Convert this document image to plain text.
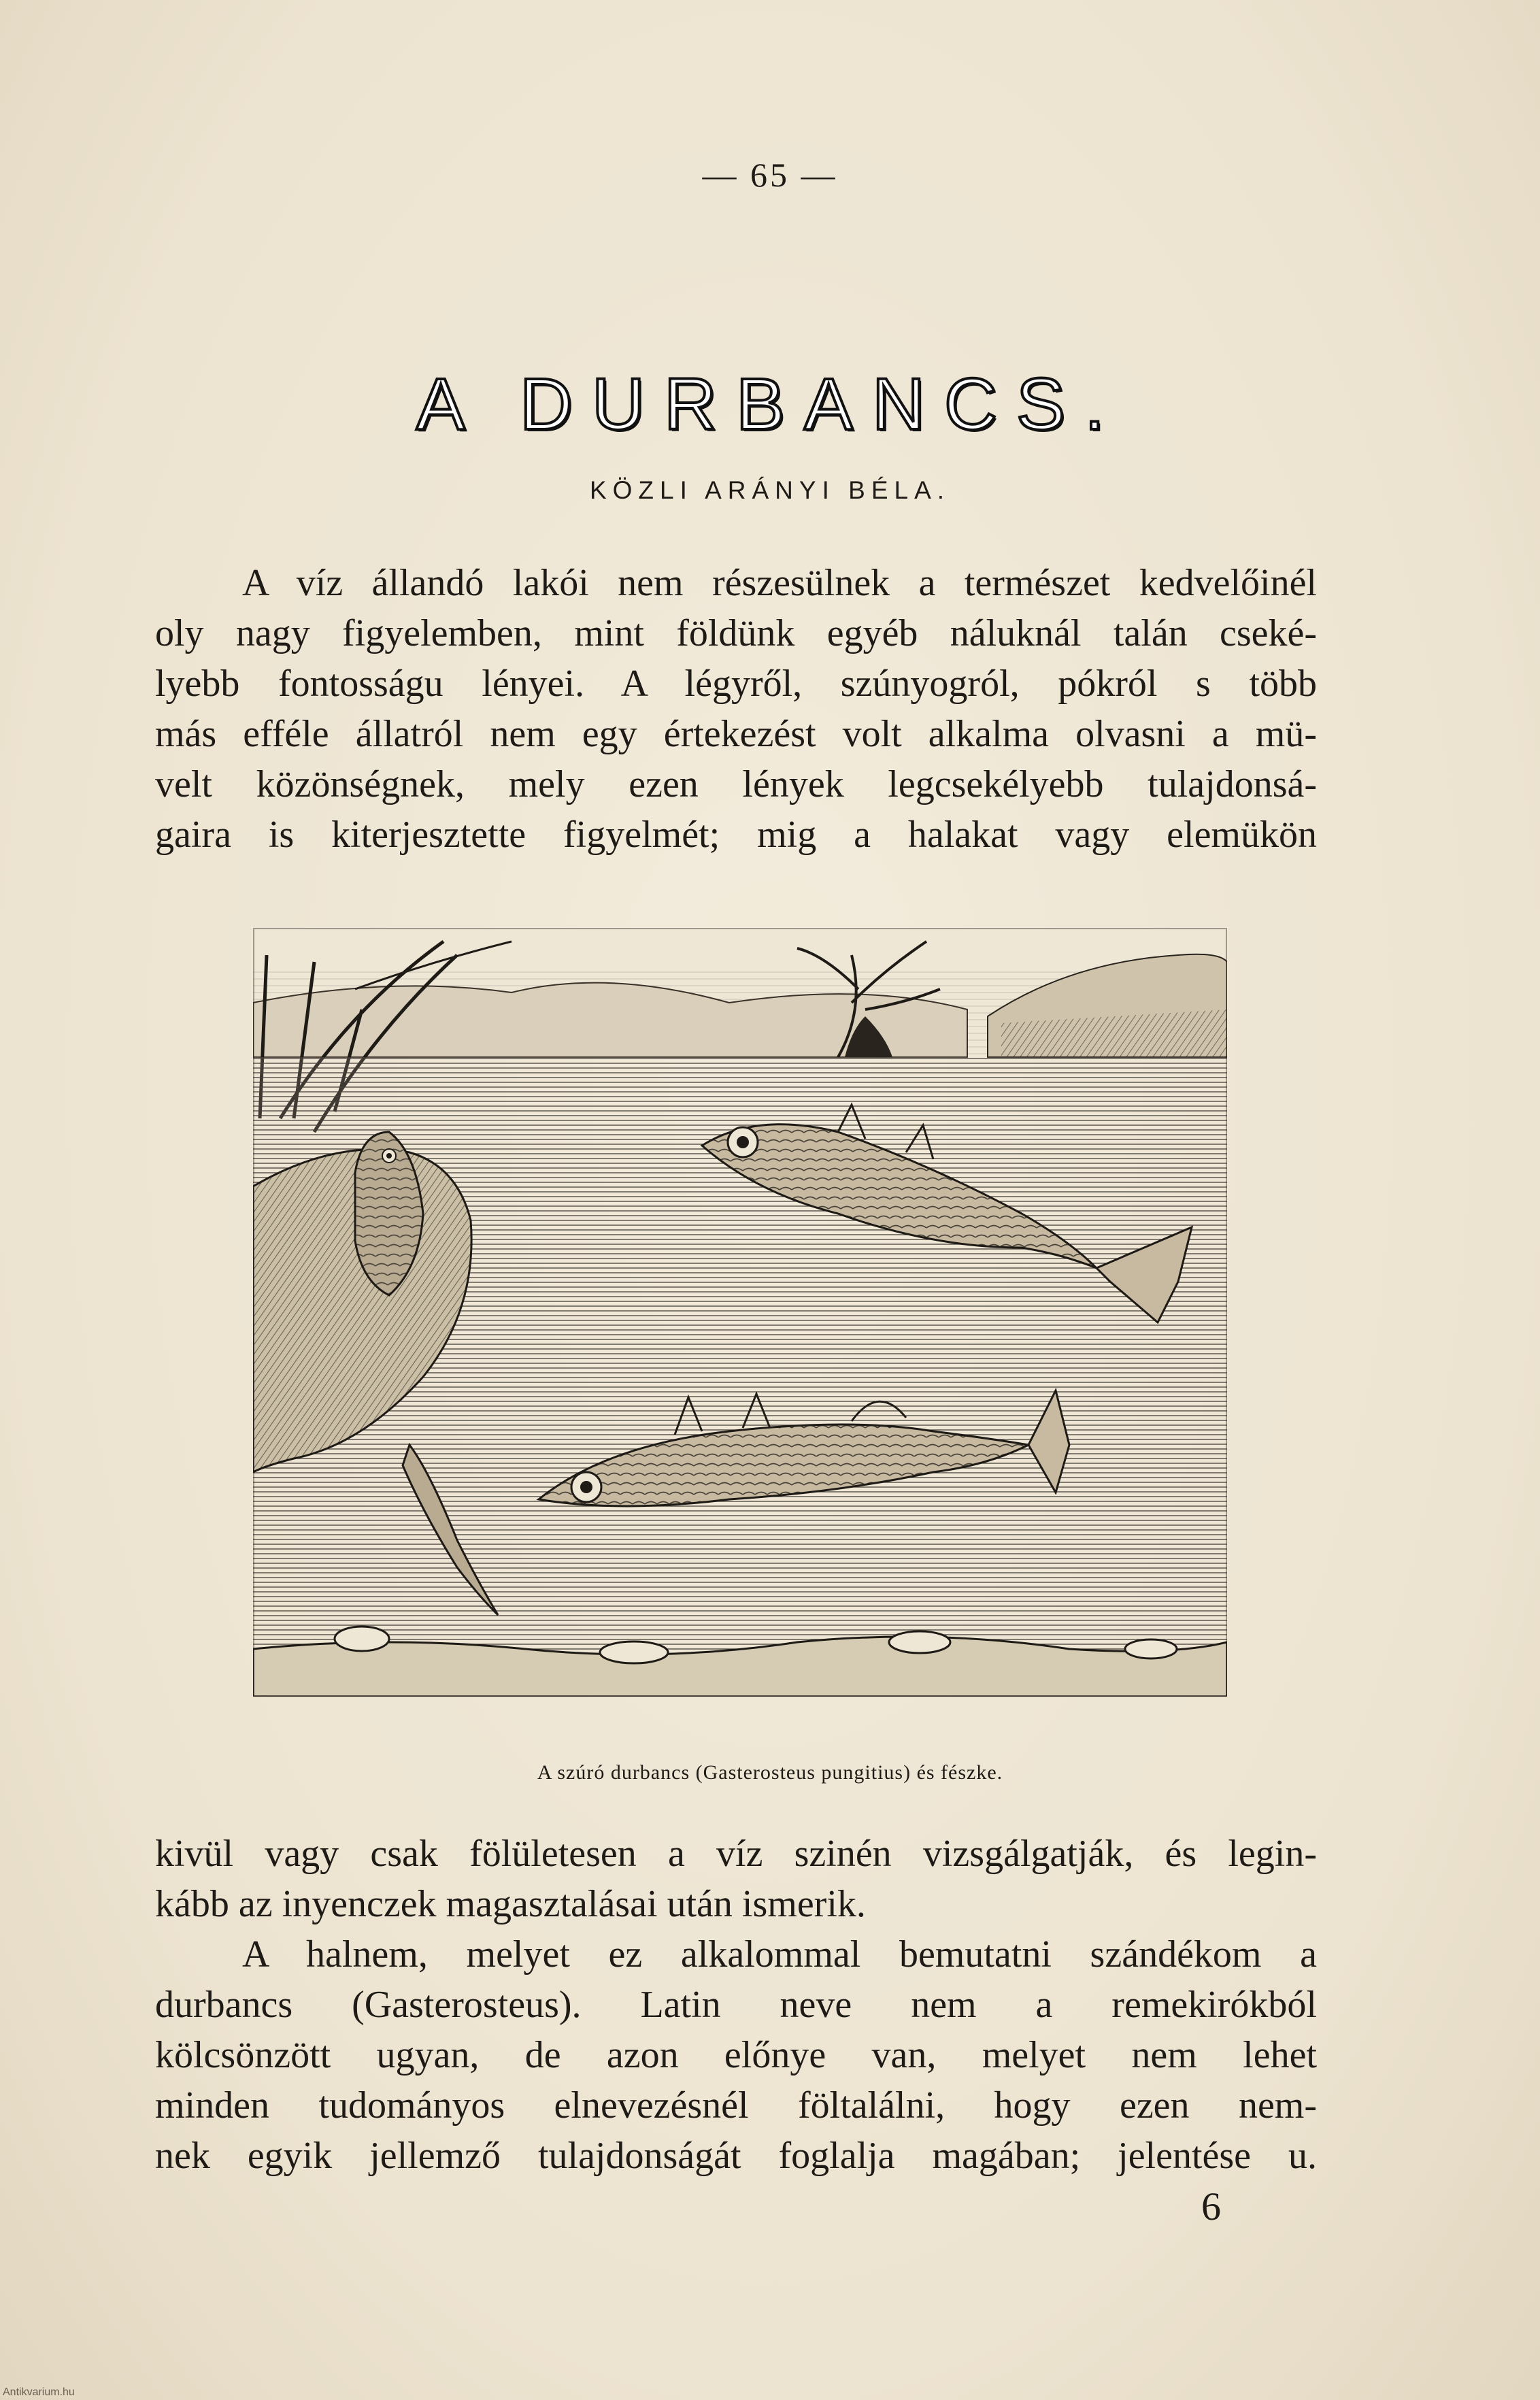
— 65 —
A DURBANCS.
KÖZLI ARÁNYI BÉLA.
A víz állandó lakói nem részesülnek a természet kedvelőinél
oly nagy figyelemben, mint földünk egyéb náluknál talán cseké-
lyebb fontosságu lényei. A légyről, szúnyogról, pókról s több
más efféle állatról nem egy értekezést volt alkalma olvasni a mü-
velt közönségnek, mely ezen lények legcsekélyebb tulajdonsá-
gaira is kiterjesztette figyelmét; mig a halakat vagy elemükön
A szúró durbancs (Gasterosteus pungitius) és fészke.
kivül vagy csak fölületesen a víz szinén vizsgálgatják, és legin-
kább az inyenczek magasztalásai után ismerik.
A halnem, melyet ez alkalommal bemutatni szándékom a
durbancs (Gasterosteus). Latin neve nem a remekirókból
kölcsönzött ugyan, de azon előnye van, melyet nem lehet
minden tudományos elnevezésnél föltalálni, hogy ezen nem-
nek egyik jellemző tulajdonságát foglalja magában; jelentése u.
6
Antikvarium.hu
